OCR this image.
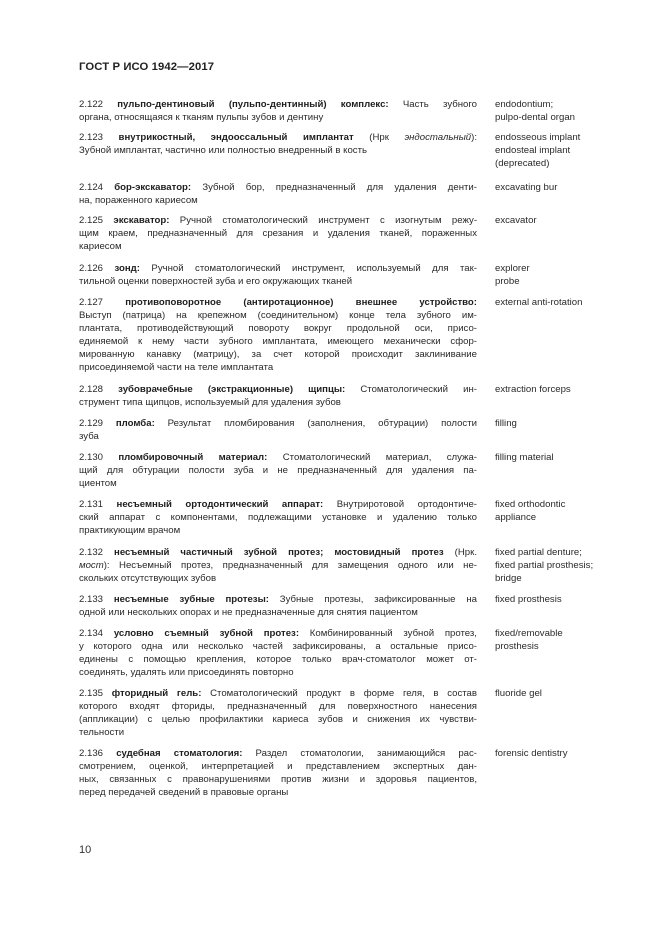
ГОСТ Р ИСО 1942—2017
2.122 пульпо-дентиновый (пульпо-дентинный) комплекс: Часть зубного
органа, относящаяся к тканям пульпы зубов и дентину
endodontium;
pulpo-dental organ
2.123 внутрикостный, эндооссальный имплантат (Нрк эндостальный):
Зубной имплантат, частично или полностью внедренный в кость
endosseous implant
endosteal implant
(deprecated)
2.124 бор-экскаватор: Зубной бор, предназначенный для удаления денти-
на, пораженного кариесом
excavating bur
2.125 экскаватор: Ручной стоматологический инструмент с изогнутым режу-
щим краем, предназначенный для срезания и удаления тканей, пораженных
кариесом
excavator
2.126 зонд: Ручной стоматологический инструмент, используемый для так-
тильной оценки поверхностей зуба и его окружающих тканей
explorer
probe
2.127 противоповоротное (антиротационное) внешнее устройство:
Выступ (патрица) на крепежном (соединительном) конце тела зубного им-
плантата, противодействующий повороту вокруг продольной оси, присо-
единяемой к нему части зубного имплантата, имеющего механически сфор-
мированную канавку (матрицу), за счет которой происходит заклинивание
присоединяемой части на теле имплантата
external anti-rotation
2.128 зубоврачебные (экстракционные) щипцы: Стоматологический ин-
струмент типа щипцов, используемый для удаления зубов
extraction forceps
2.129 пломба: Результат пломбирования (заполнения, обтурации) полости
зуба
filling
2.130 пломбировочный материал: Стоматологический материал, служа-
щий для обтурации полости зуба и не предназначенный для удаления па-
циентом
filling material
2.131 несъемный ортодонтический аппарат: Внутриротовой ортодонтиче-
ский аппарат с компонентами, подлежащими установке и удалению только
практикующим врачом
fixed orthodontic
appliance
2.132 несъемный частичный зубной протез; мостовидный протез (Нрк.
мост): Несъемный протез, предназначенный для замещения одного или не-
скольких отсутствующих зубов
fixed partial denture;
fixed partial prosthesis;
bridge
2.133 несъемные зубные протезы: Зубные протезы, зафиксированные на
одной или нескольких опорах и не предназначенные для снятия пациентом
fixed prosthesis
2.134 условно съемный зубной протез: Комбинированный зубной протез,
у которого одна или несколько частей зафиксированы, а остальные присо-
единены с помощью крепления, которое только врач-стоматолог может от-
соединять, удалять или присоединять повторно
fixed/removable
prosthesis
2.135 фторидный гель: Стоматологический продукт в форме геля, в состав
которого входят фториды, предназначенный для поверхностного нанесения
(аппликации) с целью профилактики кариеса зубов и снижения их чувстви-
тельности
fluoride gel
2.136 судебная стоматология: Раздел стоматологии, занимающийся рас-
смотрением, оценкой, интерпретацией и представлением экспертных дан-
ных, связанных с правонарушениями против жизни и здоровья пациентов,
перед передачей сведений в правовые органы
forensic dentistry
10
